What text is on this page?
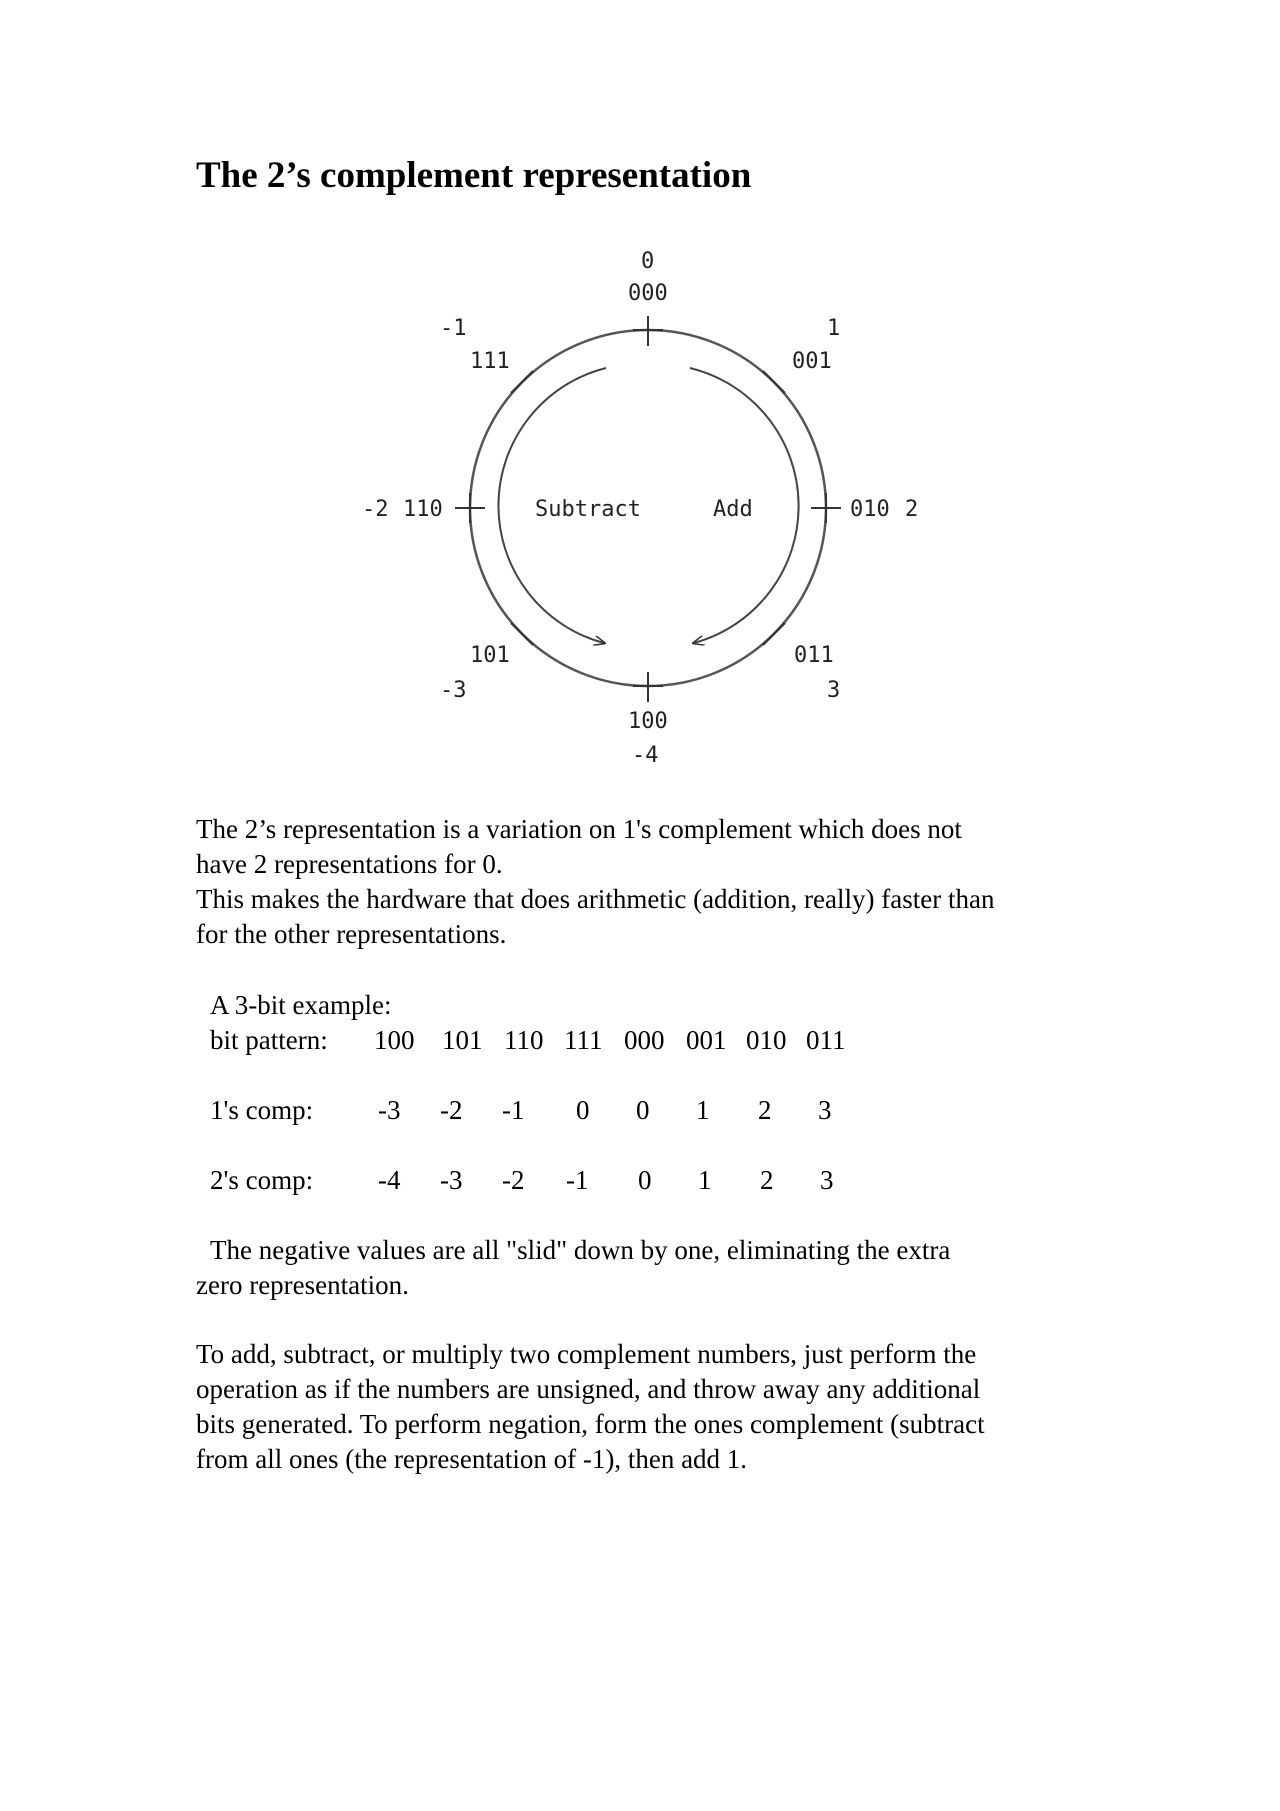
The 2’s complement representation
Subtract	Add
0
000
1
001
010 2
011
3
100
-4
101
-3
-2 110
-1
111
The 2’s representation is a variation on 1's complement which does not
have 2 representations for 0.
This makes the hardware that does arithmetic (addition, really) faster than
for the other representations.
A 3-bit example:
bit pattern: 100 101 110 111 000 001 010 011
1's comp: -3 -2 -1 0 0 1 2 3
2's comp: -4 -3 -2 -1 0 1 2 3
The negative values are all "slid" down by one, eliminating the extra
zero representation.
To add, subtract, or multiply two complement numbers, just perform the
operation as if the numbers are unsigned, and throw away any additional
bits generated. To perform negation, form the ones complement (subtract
from all ones (the representation of -1), then add 1.
